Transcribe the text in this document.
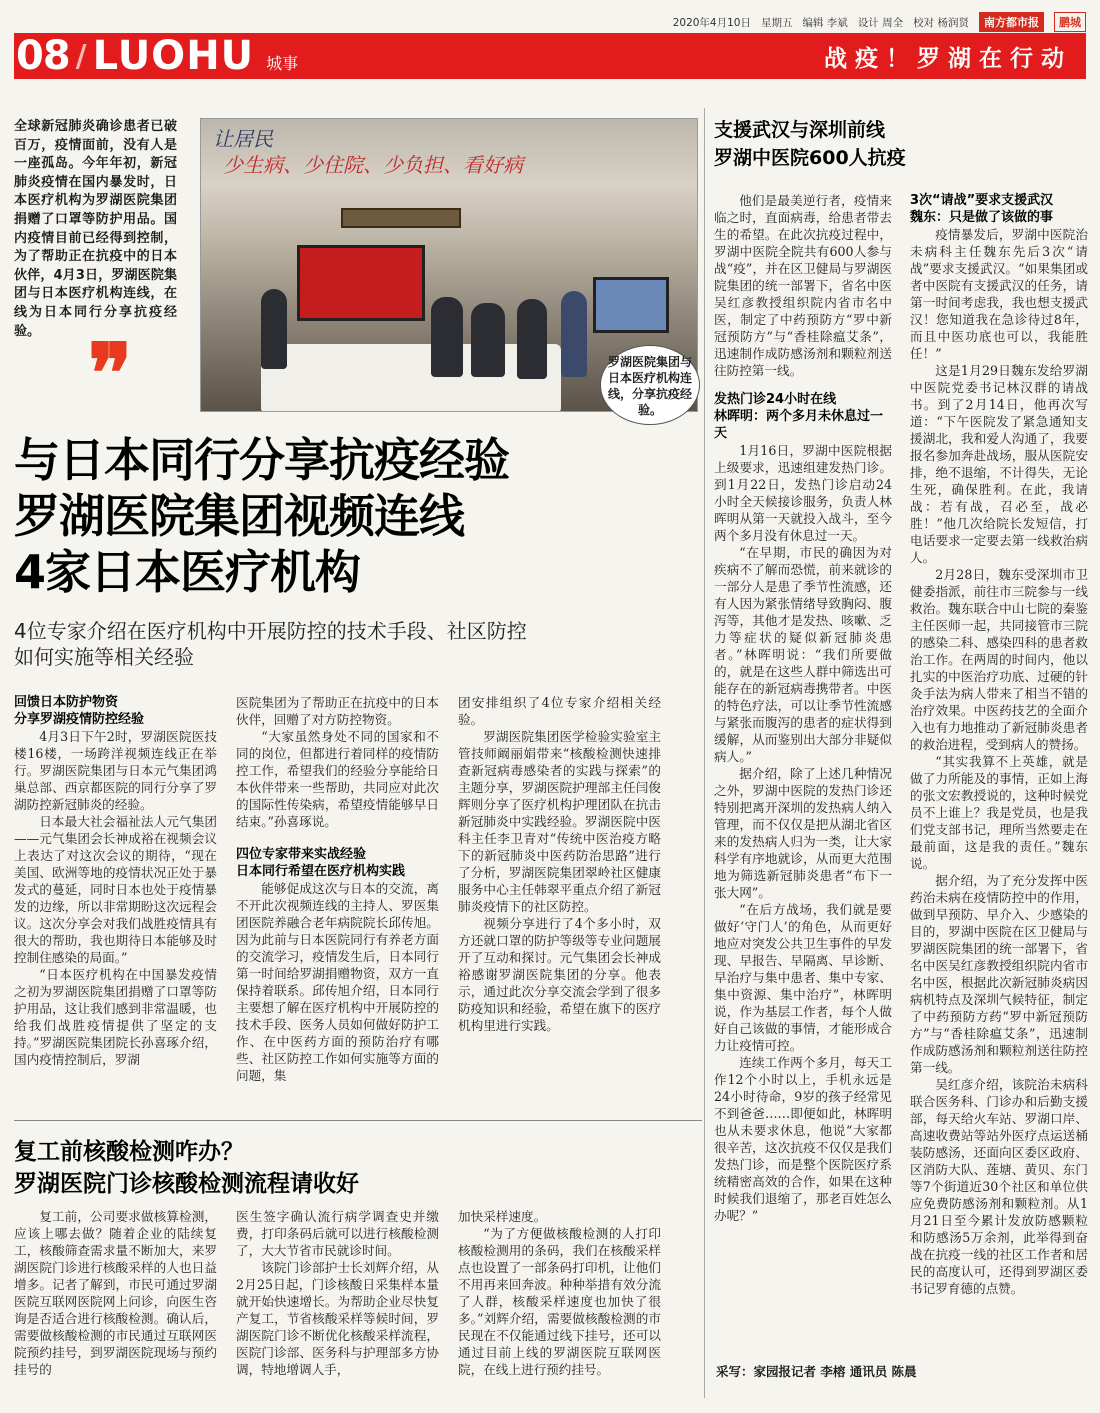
2020年4月10日 星期五 编辑 李斌 设计 周全 校对 杨润贤	南方都市报	鹏城
08 / LUOHU 城事	战疫！罗湖在行动
全球新冠肺炎确诊患者已破百万，疫情面前，没有人是一座孤岛。今年年初，新冠肺炎疫情在国内暴发时，日本医疗机构为罗湖医院集团捐赠了口罩等防护用品。国内疫情目前已经得到控制，为了帮助正在抗疫中的日本伙伴，4月3日，罗湖医院集团与日本医疗机构连线，在线为日本同行分享抗疫经验。 ❞
让居民
少生病、少住院、少负担、看好病
罗湖医院集团与日本医疗机构连线，分享抗疫经验。
与日本同行分享抗疫经验
罗湖医院集团视频连线
4家日本医疗机构
4位专家介绍在医疗机构中开展防控的技术手段、社区防控
如何实施等相关经验
回馈日本防护物资
分享罗湖疫情防控经验

4月3日下午2时，罗湖医院医技楼16楼，一场跨洋视频连线正在举行。罗湖医院集团与日本元气集团鸿巢总部、西京都医院的同行分享了罗湖防控新冠肺炎的经验。

日本最大社会福祉法人元气集团——元气集团会长神成裕在视频会议上表达了对这次会议的期待，“现在美国、欧洲等地的疫情状况正处于暴发式的蔓延，同时日本也处于疫情暴发的边缘，所以非常期盼这次远程会议。这次分享会对我们战胜疫情具有很大的帮助，我也期待日本能够及时控制住感染的局面。”

“日本医疗机构在中国暴发疫情之初为罗湖医院集团捐赠了口罩等防护用品，这让我们感到非常温暖，也给我们战胜疫情提供了坚定的支持。”罗湖医院集团院长孙喜琢介绍，国内疫情控制后，罗湖

医院集团为了帮助正在抗疫中的日本伙伴，回赠了对方防控物资。

“大家虽然身处不同的国家和不同的岗位，但都进行着同样的疫情防控工作，希望我们的经验分享能给日本伙伴带来一些帮助，共同应对此次的国际性传染病，希望疫情能够早日结束。”孙喜琢说。

四位专家带来实战经验
日本同行希望在医疗机构实践

能够促成这次与日本的交流，离不开此次视频连线的主持人、罗医集团医院养融合老年病院院长邱传旭。因为此前与日本医院同行有养老方面的交流学习，疫情发生后，日本同行第一时间给罗湖捐赠物资，双方一直保持着联系。邱传旭介绍，日本同行主要想了解在医疗机构中开展防控的技术手段、医务人员如何做好防护工作、在中医药方面的预防治疗有哪些、社区防控工作如何实施等方面的问题，集

团安排组织了4位专家介绍相关经验。

罗湖医院集团医学检验实验室主管技师阚丽娟带来“核酸检测快速排查新冠病毒感染者的实践与探索”的主题分享，罗湖医院护理部主任闫俊辉则分享了医疗机构护理团队在抗击新冠肺炎中实践经验。罗湖医院中医科主任李卫青对“传统中医治疫方略下的新冠肺炎中医药防治思路”进行了分析，罗湖医院集团翠岭社区健康服务中心主任韩翠平重点介绍了新冠肺炎疫情下的社区防控。

视频分享进行了4个多小时，双方还就口罩的防护等级等专业问题展开了互动和探讨。元气集团会长神成裕感谢罗湖医院集团的分享。他表示，通过此次分享交流会学到了很多防疫知识和经验，希望在旗下的医疗机构里进行实践。

复工前核酸检测咋办？
罗湖医院门诊核酸检测流程请收好

复工前，公司要求做核算检测，应该上哪去做？随着企业的陆续复工，核酸筛查需求量不断加大，来罗湖医院门诊进行核酸采样的人也日益增多。记者了解到，市民可通过罗湖医院互联网医院网上问诊，向医生咨询是否适合进行核酸检测。确认后，需要做核酸检测的市民通过互联网医院预约挂号，到罗湖医院现场与预约挂号的

医生签字确认流行病学调查史并缴费，打印条码后就可以进行核酸检测了，大大节省市民就诊时间。

该院门诊部护士长刘辉介绍，从2月25日起，门诊核酸日采集样本量就开始快速增长。为帮助企业尽快复产复工，节省核酸采样等候时间，罗湖医院门诊不断优化核酸采样流程，医院门诊部、医务科与护理部多方协调，特地增调人手，

加快采样速度。

“为了方便做核酸检测的人打印核酸检测用的条码，我们在核酸采样点也设置了一部条码打印机，让他们不用再来回奔波。种种举措有效分流了人群，核酸采样速度也加快了很多。”刘辉介绍，需要做核酸检测的市民现在不仅能通过线下挂号，还可以通过目前上线的罗湖医院互联网医院，在线上进行预约挂号。

支援武汉与深圳前线
罗湖中医院600人抗疫

他们是最美逆行者，疫情来临之时，直面病毒，给患者带去生的希望。在此次抗疫过程中，罗湖中医院全院共有600人参与战“疫”，并在区卫健局与罗湖医院集团的统一部署下，省名中医吴红彦教授组织院内省市名中医，制定了中药预防方“罗中新冠预防方”与“香桂除瘟艾条”，迅速制作成防感汤剂和颗粒剂送往防控第一线。

发热门诊24小时在线
林晖明：两个多月未休息过一天

1月16日，罗湖中医院根据上级要求，迅速组建发热门诊。到1月22日，发热门诊启动24小时全天候接诊服务，负责人林晖明从第一天就投入战斗，至今两个多月没有休息过一天。

“在早期，市民的确因为对疾病不了解而恐慌，前来就诊的一部分人是患了季节性流感，还有人因为紧张情绪导致胸闷、腹泻等，其他才是发热、咳嗽、乏力等症状的疑似新冠肺炎患者。”林晖明说：“我们所要做的，就是在这些人群中筛选出可能存在的新冠病毒携带者。中医的特色疗法，可以让季节性流感与紧张而腹泻的患者的症状得到缓解，从而鉴别出大部分非疑似病人。”

据介绍，除了上述几种情况之外，罗湖中医院的发热门诊还特别把离开深圳的发热病人纳入管理，而不仅仅是把从湖北省区来的发热病人归为一类，让大家科学有序地就诊，从而更大范围地为筛选新冠肺炎患者“布下一张大网”。

“在后方战场，我们就是要做好‘守门人’的角色，从而更好地应对突发公共卫生事件的早发现、早报告、早隔离、早诊断、早治疗与集中患者、集中专家、集中资源、集中治疗”，林晖明说，作为基层工作者，每个人做好自己该做的事情，才能形成合力让疫情可控。

连续工作两个多月，每天工作12个小时以上，手机永远是24小时待命，9岁的孩子经常见不到爸爸……即便如此，林晖明也从未要求休息，他说“大家都很辛苦，这次抗疫不仅仅是我们发热门诊，而是整个医院医疗系统精密高效的合作，如果在这种时候我们退缩了，那老百姓怎么办呢？”

3次“请战”要求支援武汉
魏东：只是做了该做的事

疫情暴发后，罗湖中医院治未病科主任魏东先后3次“请战”要求支援武汉。“如果集团或者中医院有支援武汉的任务，请第一时间考虑我，我也想支援武汉！您知道我在急诊待过8年，而且中医功底也可以，我能胜任！”

这是1月29日魏东发给罗湖中医院党委书记林汉群的请战书。到了2月14日，他再次写道：“下午医院发了紧急通知支援湖北，我和爱人沟通了，我要报名参加奔赴战场，服从医院安排，绝不退缩，不计得失，无论生死，确保胜利。在此，我请战：若有战，召必至，战必胜！”他几次给院长发短信，打电话要求一定要去第一线救治病人。

2月28日，魏东受深圳市卫健委指派，前往市三院参与一线救治。魏东联合中山七院的秦鉴主任医师一起，共同接管市三院的感染二科、感染四科的患者救治工作。在两周的时间内，他以扎实的中医治疗功底、过硬的针灸手法为病人带来了相当不错的治疗效果。中医药技艺的全面介入也有力地推动了新冠肺炎患者的救治进程，受到病人的赞扬。

“其实我算不上英雄，就是做了力所能及的事情，正如上海的张文宏教授说的，这种时候党员不上谁上？我是党员，也是我们党支部书记，理所当然要走在最前面，这是我的责任。”魏东说。

据介绍，为了充分发挥中医药治未病在疫情防控中的作用，做到早预防、早介入、少感染的目的，罗湖中医院在区卫健局与罗湖医院集团的统一部署下，省名中医吴红彦教授组织院内省市名中医，根据此次新冠肺炎病因病机特点及深圳气候特征，制定了中药预防方药“罗中新冠预防方”与“香桂除瘟艾条”，迅速制作成防感汤剂和颗粒剂送往防控第一线。

吴红彦介绍，该院治未病科联合医务科、门诊办和后勤支援部，每天给火车站、罗湖口岸、高速收费站等站外医疗点运送桶装防感汤，还面向区委区政府、区消防大队、莲塘、黄贝、东门等7个街道近30个社区和单位供应免费防感汤剂和颗粒剂。从1月21日至今累计发放防感颗粒和防感汤5万余剂，此举得到奋战在抗疫一线的社区工作者和居民的高度认可，还得到罗湖区委书记罗育德的点赞。

采写：家园报记者 李榕 通讯员 陈晨
